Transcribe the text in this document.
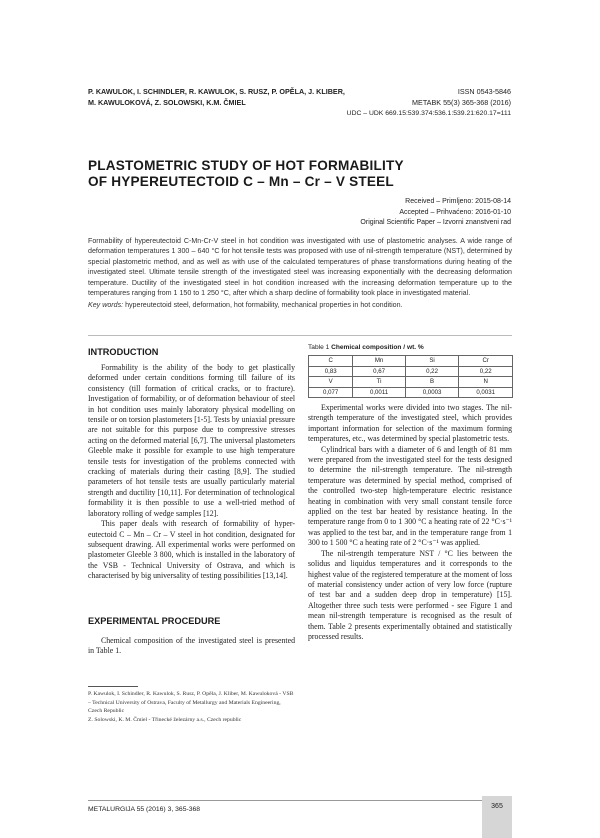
P. KAWULOK, I. SCHINDLER, R. KAWULOK, S. RUSZ, P. OPĚLA, J. KLIBER,
M. KAWULOKOVÁ, Z. SOLOWSKI, K.M. ČMIEL
ISSN 0543-5846
METABK 55(3) 365-368 (2016)
UDC – UDK 669.15:539.374:536.1:539.21:620.17=111
PLASTOMETRIC STUDY OF HOT FORMABILITY
OF HYPEREUTECTOID C – Mn – Cr – V STEEL
Received – Primljeno: 2015-08-14
Accepted – Prihvaćeno: 2016-01-10
Original Scientific Paper – Izvorni znanstveni rad

Formability of hypereutectoid C-Mn-Cr-V steel in hot condition was investigated with use of plastometric analyses. A wide range of deformation temperatures 1 300 – 640 °C for hot tensile tests was proposed with use of nil-strength temperature (NST), determined by special plastometric method, and as well as with use of the calculated temperatures of phase transformations during heating of the investigated steel. Ultimate tensile strength of the investigated steel was increasing exponentially with the decreasing deformation temperature. Ductility of the investigated steel in hot condition increased with the increasing deformation temperature up to the temperatures ranging from 1 150 to 1 250 °C, after which a sharp decline of formability took place in investigated material.

Key words: hypereutectoid steel, deformation, hot formability, mechanical properties in hot condition.

INTRODUCTION

Formability is the ability of the body to get plastically deformed under certain conditions forming till failure of its consistency (till formation of critical cracks, or to fracture). Investigation of formability, or of deformation behaviour of steel in hot condition uses mainly laboratory physical modelling on tensile or on torsion plastometers [1-5]. Tests by uniaxial pressure are not suitable for this purpose due to compressive stresses acting on the deformed material [6,7]. The universal plastometers Gleeble make it possible for example to use high temperature tensile tests for investigation of the problems connected with cracking of materials during their casting [8,9]. The studied parameters of hot tensile tests are usually particularly material strength and ductility [10,11]. For determination of technological formability it is then possible to use a well-tried method of laboratory rolling of wedge samples [12].

This paper deals with research of formability of hyper-eutectoid C – Mn – Cr – V steel in hot condition, designated for subsequent drawing. All experimental works were performed on plastometer Gleeble 3 800, which is installed in the laboratory of the VSB - Technical University of Ostrava, and which is characterised by big universality of testing possibilities [13,14].

EXPERIMENTAL PROCEDURE

Chemical composition of the investigated steel is presented in Table 1.

P. Kawulok, I. Schindler, R. Kawulok, S. Rusz, P. Opěla, J. Kliber, M. Kawuloková - VSB – Technical University of Ostrava, Faculty of Metallurgy and Materials Engineering, Czech Republic
Z. Solowski, K. M. Čmiel - Třinecké železárny a.s., Czech republic
Table 1 Chemical composition / wt. %
C	Mn	Si	Cr
0,83	0,67	0,22	0,22
V	Ti	B	N
0,077	0,0011	0,0003	0,0031

Experimental works were divided into two stages. The nil-strength temperature of the investigated steel, which provides important information for selection of the maximum forming temperatures, etc., was determined by special plastometric tests.

Cylindrical bars with a diameter of 6 and length of 81 mm were prepared from the investigated steel for the tests designed to determine the nil-strength temperature. The nil-strength temperature was determined by special method, comprised of the controlled two-step high-temperature electric resistance heating in combination with very small constant tensile force applied on the test bar heated by resistance heating. In the temperature range from 0 to 1 300 °C a heating rate of 22 °C·s⁻¹ was applied to the test bar, and in the temperature range from 1 300 to 1 500 °C a heating rate of 2 °C·s⁻¹ was applied.

The nil-strength temperature NST / °C lies between the solidus and liquidus temperatures and it corresponds to the highest value of the registered temperature at the moment of loss of material consistency under action of very low force (rupture of test bar and a sudden deep drop in temperature) [15]. Altogether three such tests were performed - see Figure 1 and mean nil-strength temperature is recognised as the result of them. Table 2 presents experimentally obtained and statistically processed results.

METALURGIJA 55 (2016) 3, 365-368	365
